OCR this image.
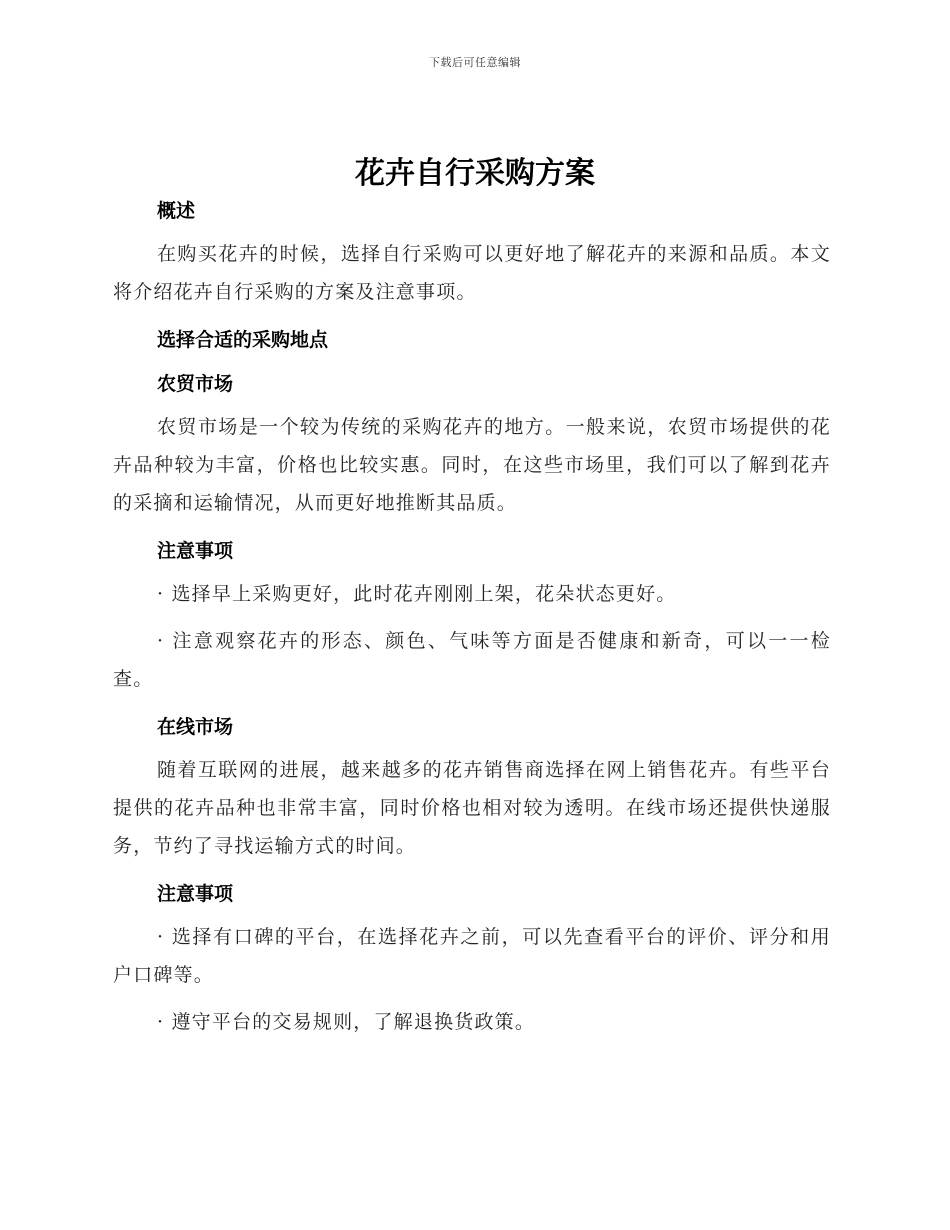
下载后可任意编辑
花卉自行采购方案
概述

在购买花卉的时候，选择自行采购可以更好地了解花卉的来源和品质。本文将介绍花卉自行采购的方案及注意事项。

选择合适的采购地点
农贸市场

农贸市场是一个较为传统的采购花卉的地方。一般来说，农贸市场提供的花卉品种较为丰富，价格也比较实惠。同时，在这些市场里，我们可以了解到花卉的采摘和运输情况，从而更好地推断其品质。

注意事项

· 选择早上采购更好，此时花卉刚刚上架，花朵状态更好。

· 注意观察花卉的形态、颜色、气味等方面是否健康和新奇，可以一一检查。

在线市场

随着互联网的进展，越来越多的花卉销售商选择在网上销售花卉。有些平台提供的花卉品种也非常丰富，同时价格也相对较为透明。在线市场还提供快递服务，节约了寻找运输方式的时间。

注意事项

· 选择有口碑的平台，在选择花卉之前，可以先查看平台的评价、评分和用户口碑等。

· 遵守平台的交易规则，了解退换货政策。
